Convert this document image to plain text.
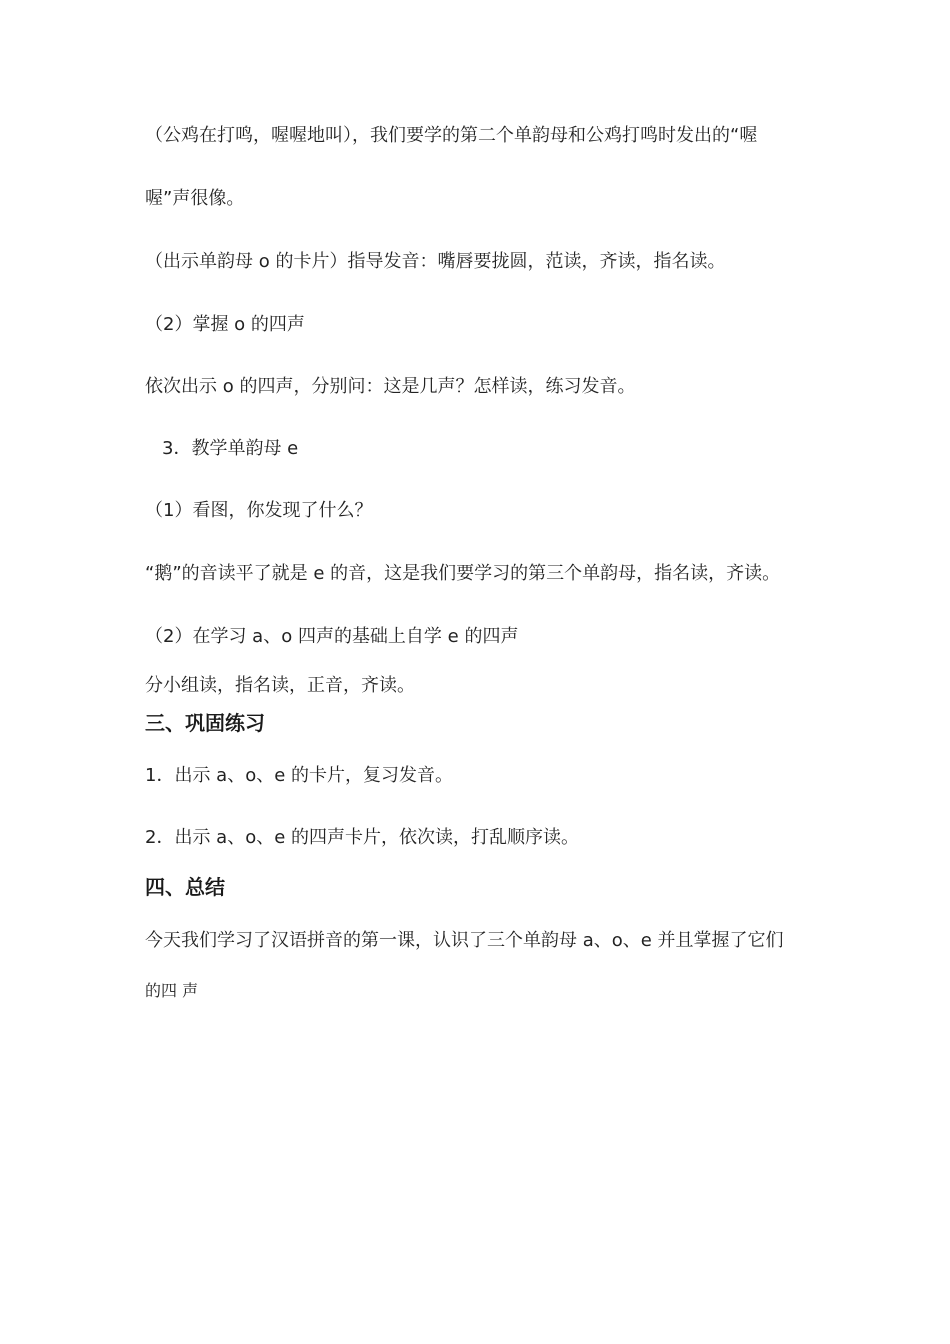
（公鸡在打鸣，喔喔地叫），我们要学的第二个单韵母和公鸡打鸣时发出的“喔
喔”声很像。
（出示单韵母 o 的卡片）指导发音：嘴唇要拢圆，范读，齐读，指名读。
（2）掌握 o 的四声
依次出示 o 的四声，分别问：这是几声？怎样读，练习发音。
3．教学单韵母 e
（1）看图，你发现了什么？
“鹅”的音读平了就是 e 的音，这是我们要学习的第三个单韵母，指名读，齐读。
（2）在学习 a、o 四声的基础上自学 e 的四声
分小组读，指名读，正音，齐读。
三、巩固练习
1．出示 a、o、e 的卡片，复习发音。
2．出示 a、o、e 的四声卡片，依次读，打乱顺序读。
四、总结
今天我们学习了汉语拼音的第一课，认识了三个单韵母 a、o、e 并且掌握了它们
的四 声
